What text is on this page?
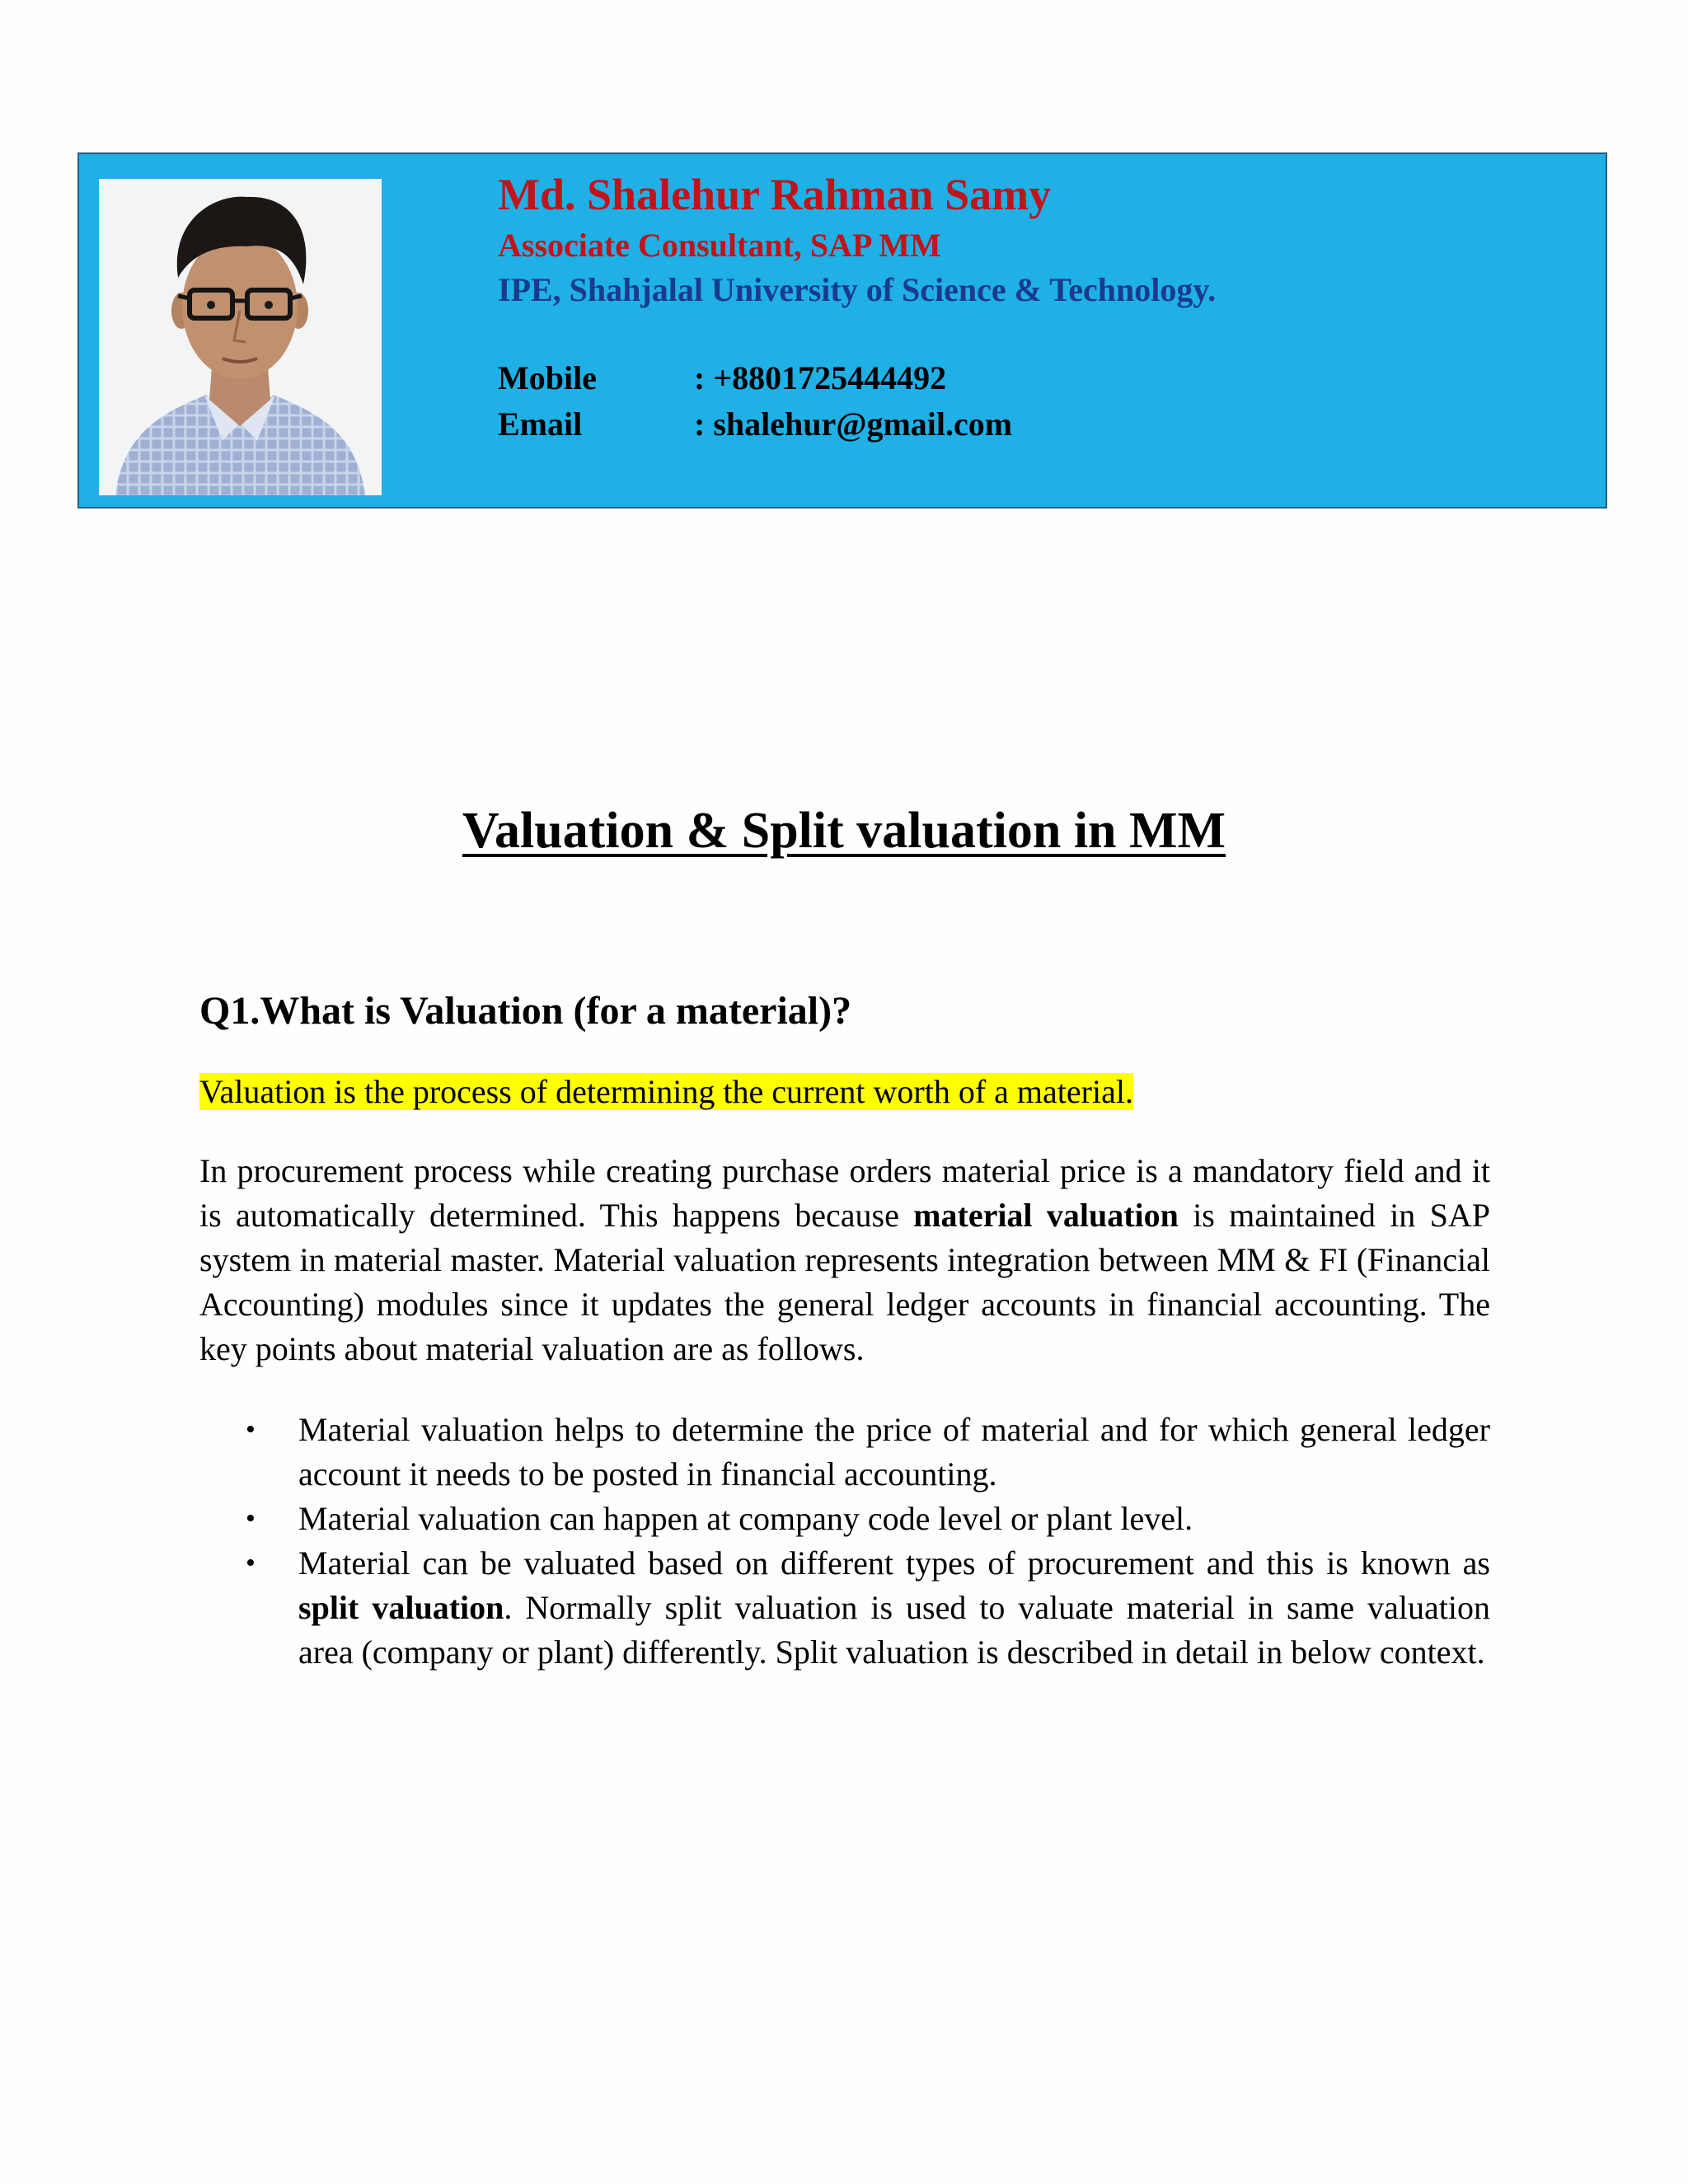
Md. Shalehur Rahman Samy

Associate Consultant, SAP MM

IPE, Shahjalal University of Science & Technology.

Mobile	: +8801725444492
Email	: shalehur@gmail.com
Valuation & Split valuation in MM
Q1.What is Valuation (for a material)?

Valuation is the process of determining the current worth of a material.

In procurement process while creating purchase orders material price is a mandatory field and it is automatically determined. This happens because material valuation is maintained in SAP system in material master. Material valuation represents integration between MM & FI (Financial Accounting) modules since it updates the general ledger accounts in financial accounting. The key points about material valuation are as follows.

• Material valuation helps to determine the price of material and for which general ledger account it needs to be posted in financial accounting.
• Material valuation can happen at company code level or plant level.
• Material can be valuated based on different types of procurement and this is known as split valuation. Normally split valuation is used to valuate material in same valuation area (company or plant) differently. Split valuation is described in detail in below context.
